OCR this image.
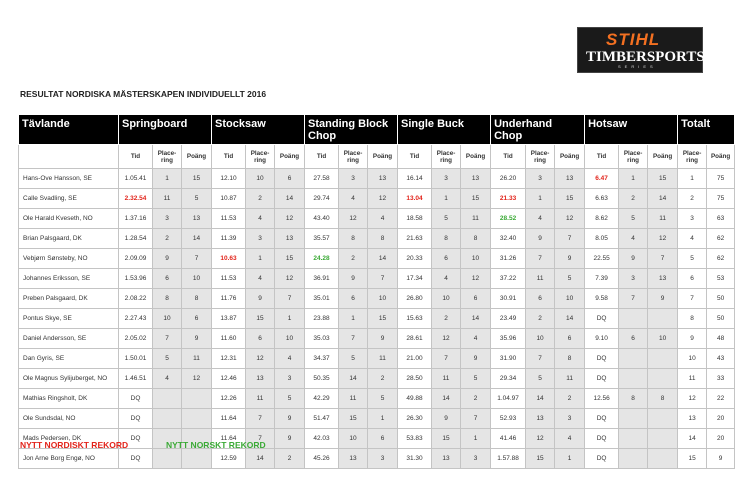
STIHL
TIMBERSPORTS
SERIES
RESULTAT NORDISKA MÄSTERSKAPEN INDIVIDUELLT 2016
Tävlande	Springboard			Stocksaw			Standing Block Chop			Single Buck			Underhand Chop			Hotsaw			Totalt	
	Tid	Place-ring	Poäng	Tid	Place-ring	Poäng	Tid	Place-ring	Poäng	Tid	Place-ring	Poäng	Tid	Place-ring	Poäng	Tid	Place-ring	Poäng	Place-ring	Poäng
Hans-Ove Hansson, SE	1.05.41	1	15	12.10	10	6	27.58	3	13	16.14	3	13	26.20	3	13	6.47	1	15	1	75
Calle Svadling, SE	2.32.54	11	5	10.87	2	14	29.74	4	12	13.04	1	15	21.33	1	15	6.63	2	14	2	75
Ole Harald Kveseth, NO	1.37.16	3	13	11.53	4	12	43.40	12	4	18.58	5	11	28.52	4	12	8.62	5	11	3	63
Brian Palsgaard, DK	1.28.54	2	14	11.39	3	13	35.57	8	8	21.63	8	8	32.40	9	7	8.05	4	12	4	62
Vebjørn Sønsteby, NO	2.09.09	9	7	10.63	1	15	24.28	2	14	20.33	6	10	31.26	7	9	22.55	9	7	5	62
Johannes Eriksson, SE	1.53.96	6	10	11.53	4	12	36.91	9	7	17.34	4	12	37.22	11	5	7.39	3	13	6	53
Preben Palsgaard, DK	2.08.22	8	8	11.76	9	7	35.01	6	10	26.80	10	6	30.91	6	10	9.58	7	9	7	50
Pontus Skye, SE	2.27.43	10	6	13.87	15	1	23.88	1	15	15.63	2	14	23.49	2	14	DQ			8	50
Daniel Andersson, SE	2.05.02	7	9	11.60	6	10	35.03	7	9	28.61	12	4	35.96	10	6	9.10	6	10	9	48
Dan Gyris, SE	1.50.01	5	11	12.31	12	4	34.37	5	11	21.00	7	9	31.90	7	8	DQ			10	43
Ole Magnus Sylijuberget, NO	1.46.51	4	12	12.46	13	3	50.35	14	2	28.50	11	5	29.34	5	11	DQ			11	33
Mathias Ringsholt, DK	DQ			12.26	11	5	42.29	11	5	49.88	14	2	1.04.97	14	2	12.56	8	8	12	22
Ole Sundsdal, NO	DQ			11.64	7	9	51.47	15	1	26.30	9	7	52.93	13	3	DQ			13	20
Mads Pedersen, DK	DQ			11.64	7	9	42.03	10	6	53.83	15	1	41.46	12	4	DQ			14	20
Jon Arne Borg Engø, NO	DQ			12.59	14	2	45.26	13	3	31.30	13	3	1.57.88	15	1	DQ			15	9
NYTT NORDISKT REKORD	NYTT NORSKT REKORD
